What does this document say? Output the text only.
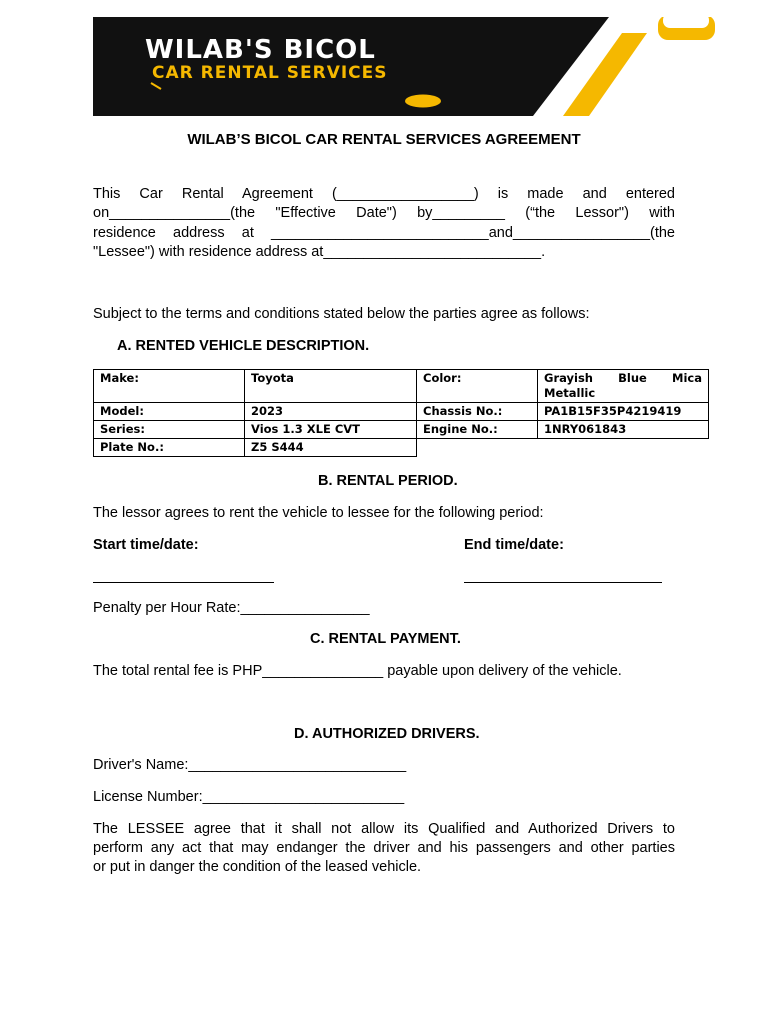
WILAB'S BICOL
CAR RENTAL SERVICES
WILAB’S BICOL CAR RENTAL SERVICES AGREEMENT
This Car Rental Agreement (_________________) is made and entered
on_______________(the "Effective Date") by_________ (“the Lessor") with
residence address at ___________________________and_________________(the
"Lessee") with residence address at___________________________.
Subject to the terms and conditions stated below the parties agree as follows:
A. RENTED VEHICLE DESCRIPTION.
Make:	Toyota	Color:	Grayish Blue Mica
Metallic

Model:	2023	Chassis No.:	PA1B15F35P4219419
Series:	Vios 1.3 XLE CVT	Engine No.:	1NRY061843
Plate No.:	Z5 S444		
B. RENTAL PERIOD.
The lessor agrees to rent the vehicle to lessee for the following period:
Start time/date:	End time/date:
Penalty per Hour Rate:________________
C. RENTAL PAYMENT.
The total rental fee is PHP_______________ payable upon delivery of the vehicle.
D. AUTHORIZED DRIVERS.
Driver's Name:___________________________
License Number:_________________________
The LESSEE agree that it shall not allow its Qualified and Authorized Drivers to
perform any act that may endanger the driver and his passengers and other parties
or put in danger the condition of the leased vehicle.
